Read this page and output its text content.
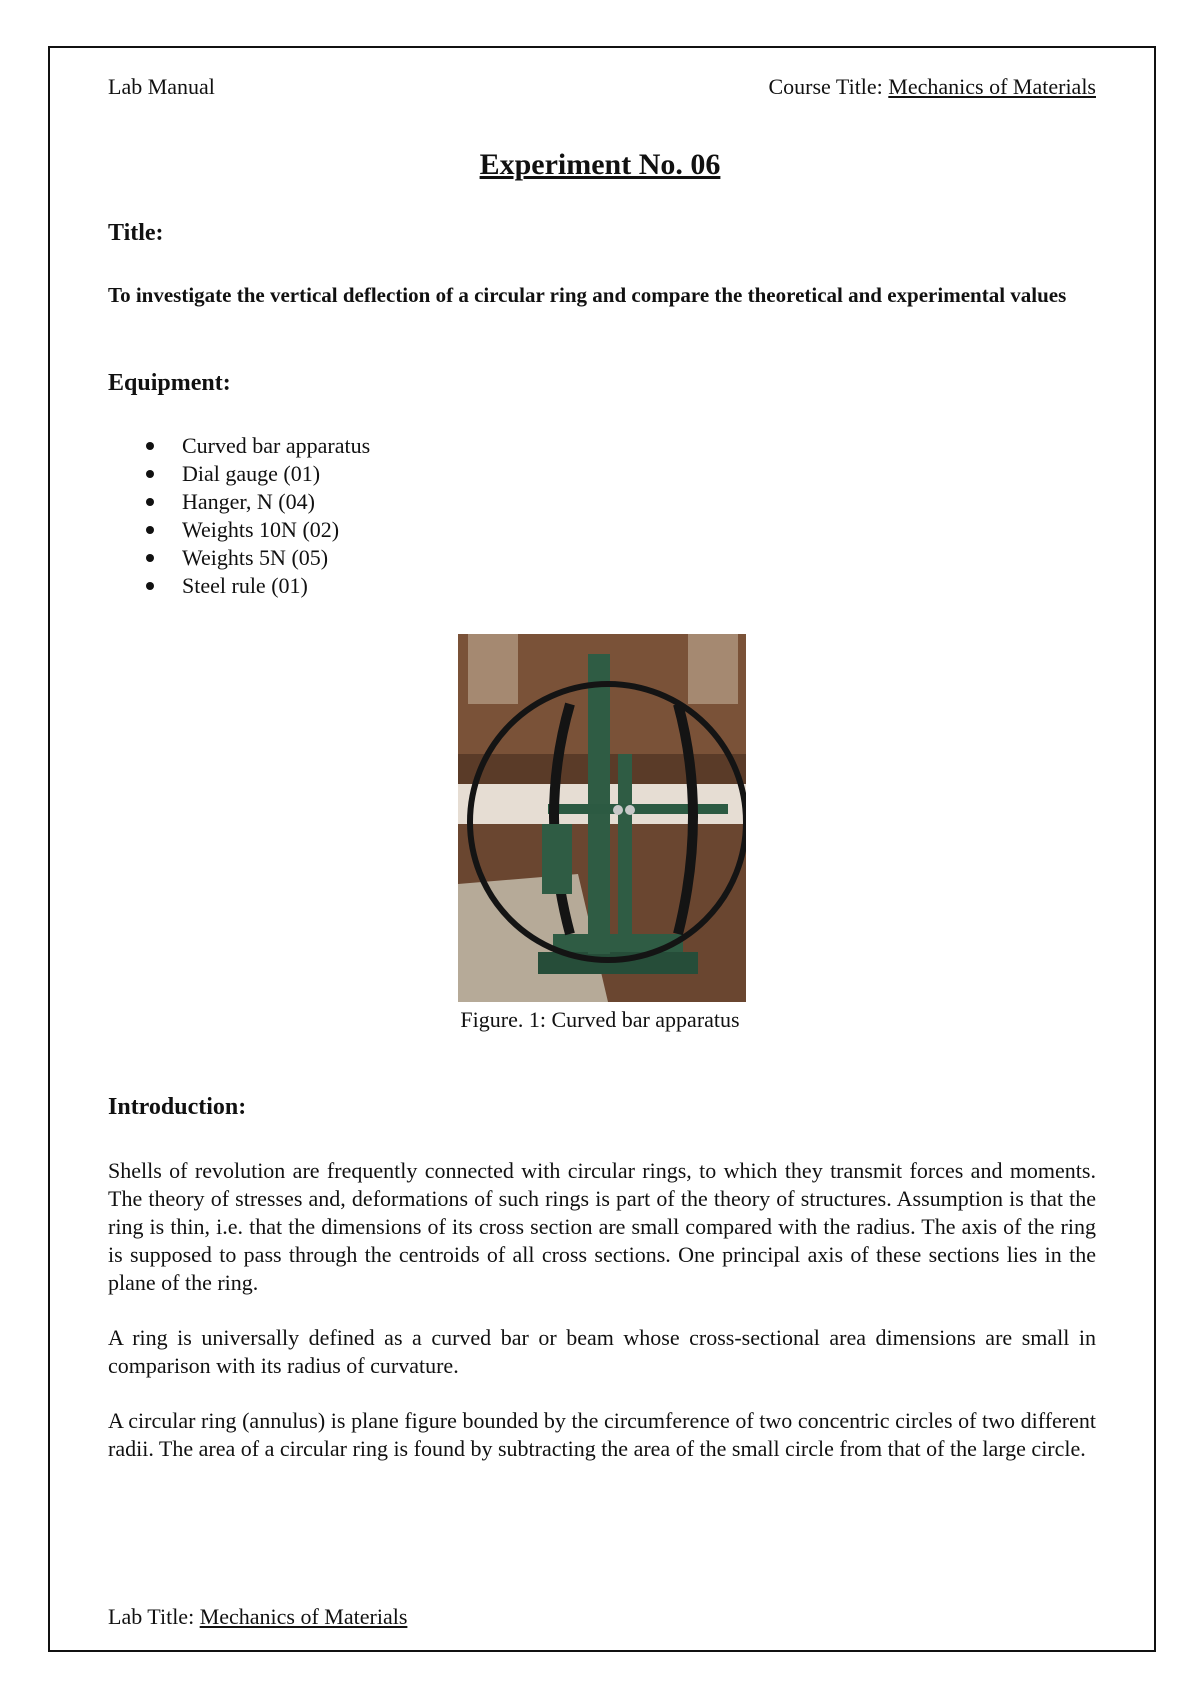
Lab Manual	Course Title: Mechanics of Materials
Experiment No. 06
Title:
To investigate the vertical deflection of a circular ring and compare the theoretical and experimental values
Equipment:
Curved bar apparatus
Dial gauge (01)
Hanger, N (04)
Weights 10N (02)
Weights 5N (05)
Steel rule (01)
Figure. 1: Curved bar apparatus
Introduction:
Shells of revolution are frequently connected with circular rings, to which they transmit forces and moments. The theory of stresses and, deformations of such rings is part of the theory of structures. Assumption is that the ring is thin, i.e. that the dimensions of its cross section are small compared with the radius. The axis of the ring is supposed to pass through the centroids of all cross sections. One principal axis of these sections lies in the plane of the ring.
A ring is universally defined as a curved bar or beam whose cross-sectional area dimensions are small in comparison with its radius of curvature.
A circular ring (annulus) is plane figure bounded by the circumference of two concentric circles of two different radii. The area of a circular ring is found by subtracting the area of the small circle from that of the large circle.
Lab Title: Mechanics of Materials
